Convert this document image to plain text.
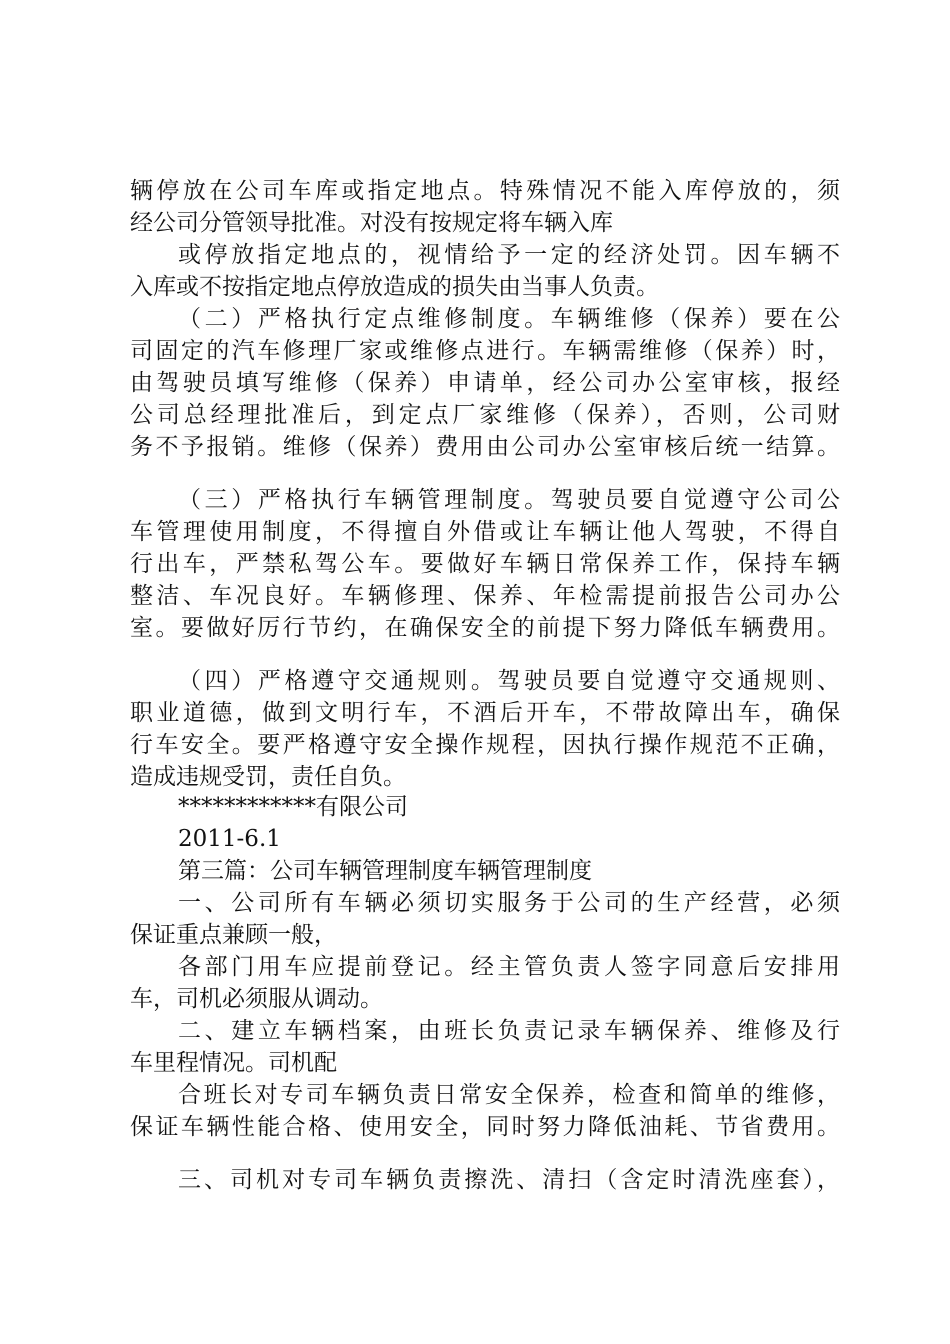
辆停放在公司车库或指定地点。特殊情况不能入库停放的，须
经公司分管领导批准。对没有按规定将车辆入库
或停放指定地点的，视情给予一定的经济处罚。因车辆不
入库或不按指定地点停放造成的损失由当事人负责。
（二）严格执行定点维修制度。车辆维修（保养）要在公
司固定的汽车修理厂家或维修点进行。车辆需维修（保养）时，
由驾驶员填写维修（保养）申请单，经公司办公室审核，报经
公司总经理批准后，到定点厂家维修（保养），否则，公司财
务不予报销。维修（保养）费用由公司办公室审核后统一结算。
（三）严格执行车辆管理制度。驾驶员要自觉遵守公司公
车管理使用制度，不得擅自外借或让车辆让他人驾驶，不得自
行出车，严禁私驾公车。要做好车辆日常保养工作，保持车辆
整洁、车况良好。车辆修理、保养、年检需提前报告公司办公
室。要做好厉行节约，在确保安全的前提下努力降低车辆费用。
（四）严格遵守交通规则。驾驶员要自觉遵守交通规则、
职业道德，做到文明行车，不酒后开车，不带故障出车，确保
行车安全。要严格遵守安全操作规程，因执行操作规范不正确，
造成违规受罚，责任自负。
************有限公司
2011-6.1
第三篇：公司车辆管理制度车辆管理制度
一、公司所有车辆必须切实服务于公司的生产经营，必须
保证重点兼顾一般，
各部门用车应提前登记。经主管负责人签字同意后安排用
车，司机必须服从调动。
二、建立车辆档案，由班长负责记录车辆保养、维修及行
车里程情况。司机配
合班长对专司车辆负责日常安全保养，检查和简单的维修，
保证车辆性能合格、使用安全，同时努力降低油耗、节省费用。
三、司机对专司车辆负责擦洗、清扫（含定时清洗座套），
